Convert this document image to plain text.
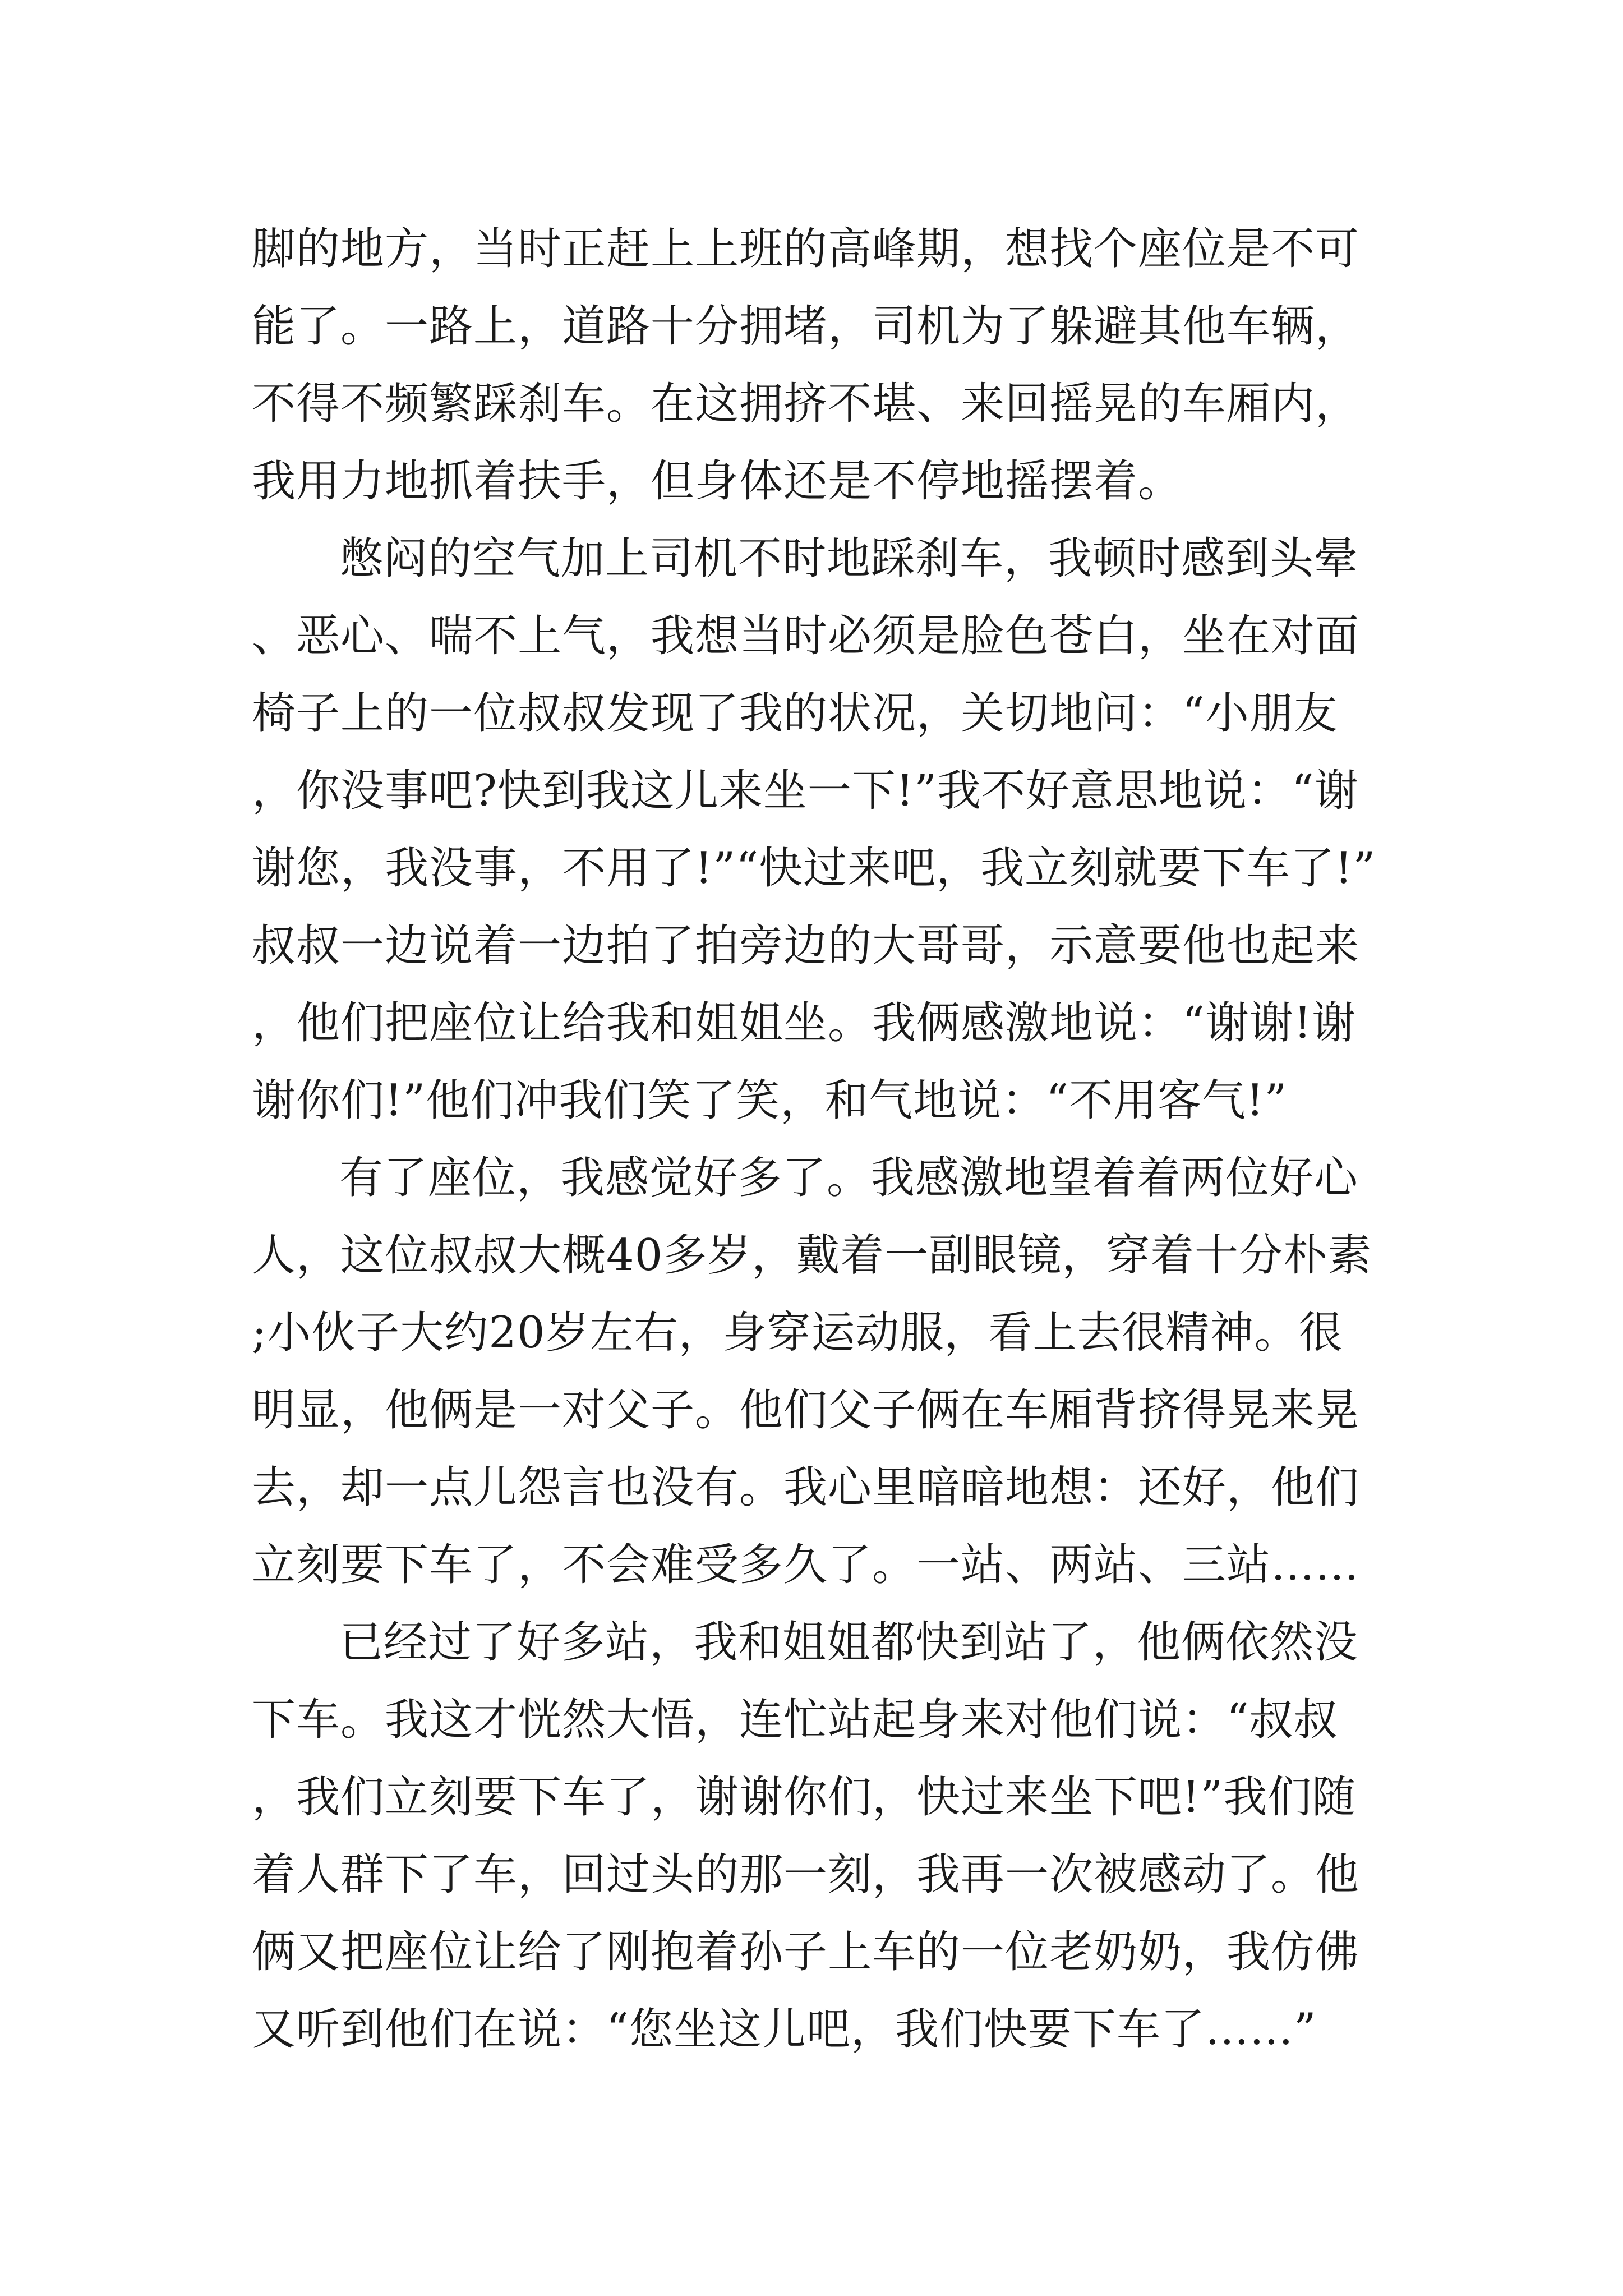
脚的地方，当时正赶上上班的高峰期，想找个座位是不可能了。一路上，道路十分拥堵，司机为了躲避其他车辆，不得不频繁踩刹车。在这拥挤不堪、来回摇晃的车厢内，我用力地抓着扶手，但身体还是不停地摇摆着。

憋闷的空气加上司机不时地踩刹车，我顿时感到头晕、恶心、喘不上气，我想当时必须是脸色苍白，坐在对面椅子上的一位叔叔发现了我的状况，关切地问：“小朋友，你没事吧?快到我这儿来坐一下!”我不好意思地说：“谢谢您，我没事，不用了!”“快过来吧，我立刻就要下车了!”叔叔一边说着一边拍了拍旁边的大哥哥，示意要他也起来，他们把座位让给我和姐姐坐。我俩感激地说：“谢谢!谢谢你们!”他们冲我们笑了笑，和气地说：“不用客气!”

有了座位，我感觉好多了。我感激地望着着两位好心人，这位叔叔大概40多岁，戴着一副眼镜，穿着十分朴素;小伙子大约20岁左右，身穿运动服，看上去很精神。很明显，他俩是一对父子。他们父子俩在车厢背挤得晃来晃去，却一点儿怨言也没有。我心里暗暗地想：还好，他们立刻要下车了，不会难受多久了。一站、两站、三站……

已经过了好多站，我和姐姐都快到站了，他俩依然没下车。我这才恍然大悟，连忙站起身来对他们说：“叔叔，我们立刻要下车了，谢谢你们，快过来坐下吧!”我们随着人群下了车，回过头的那一刻，我再一次被感动了。他俩又把座位让给了刚抱着孙子上车的一位老奶奶，我仿佛又听到他们在说：“您坐这儿吧，我们快要下车了……”
